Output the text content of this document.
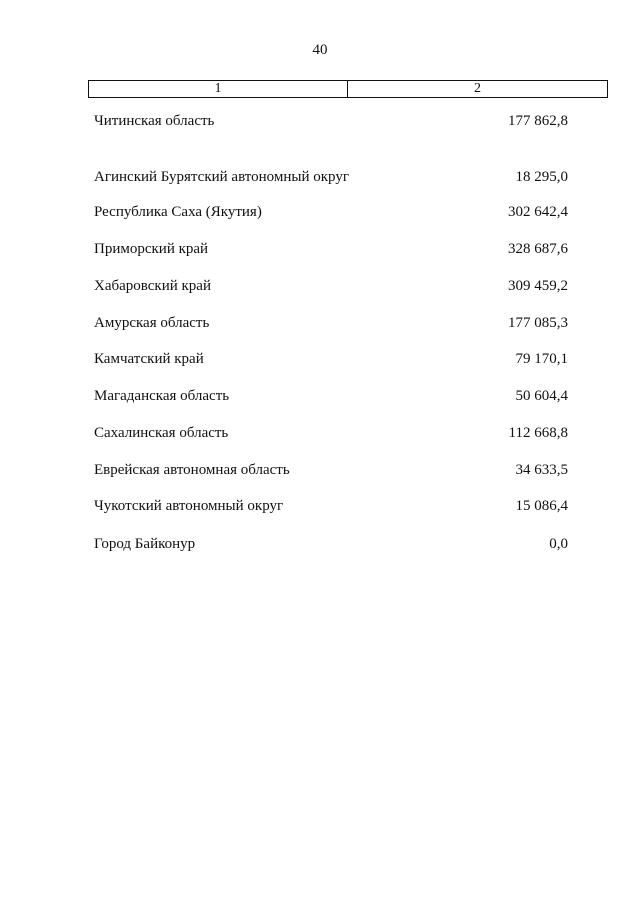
40
1	2
Читинская область	177 862,8
Агинский Бурятский автономный округ	18 295,0
Республика Саха (Якутия)	302 642,4
Приморский край	328 687,6
Хабаровский край	309 459,2
Амурская область	177 085,3
Камчатский край	79 170,1
Магаданская область	50 604,4
Сахалинская область	112 668,8
Еврейская автономная область	34 633,5
Чукотский автономный округ	15 086,4
Город Байконур	0,0
